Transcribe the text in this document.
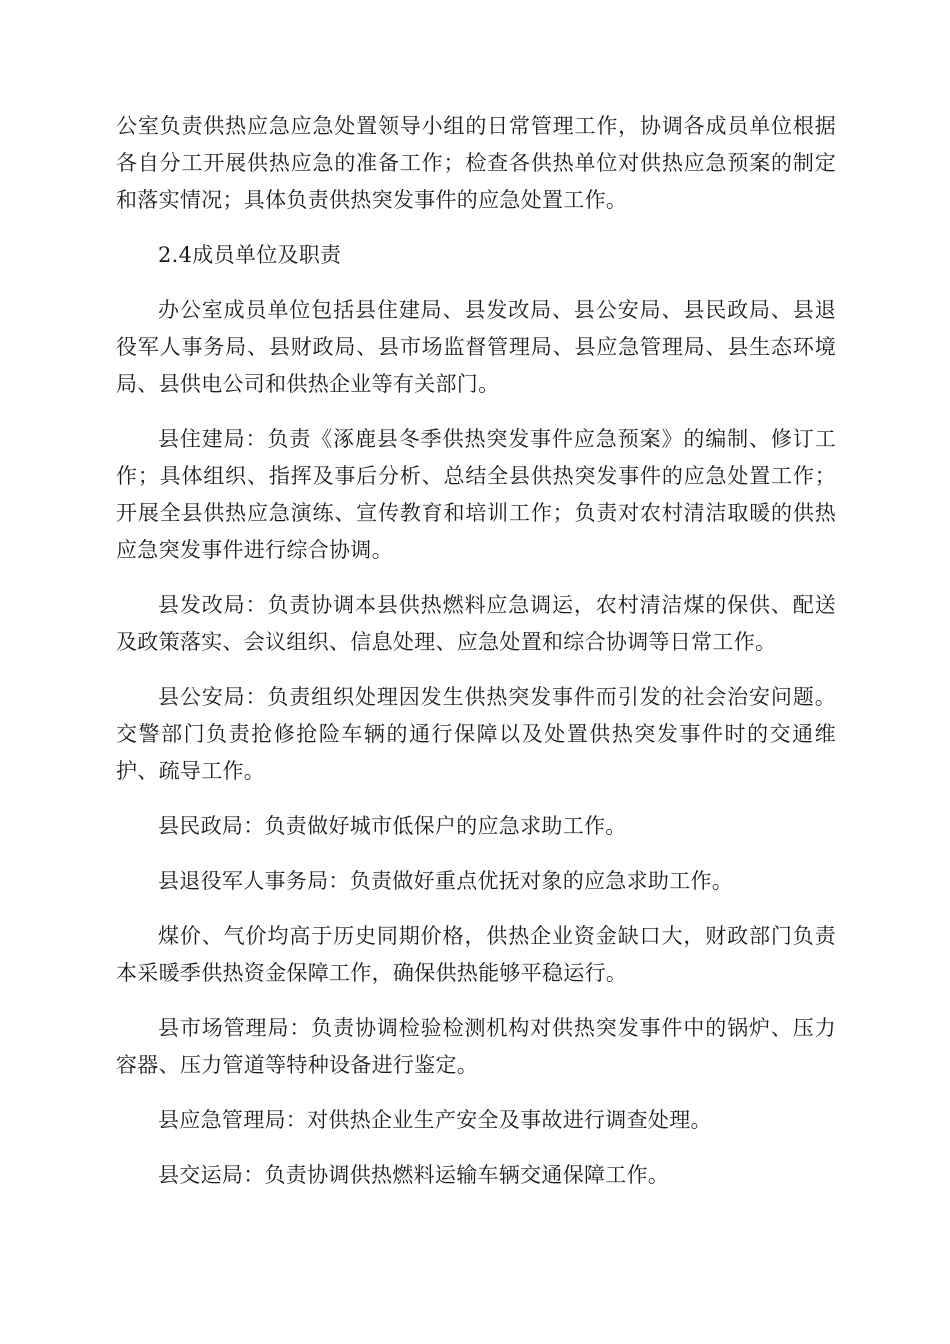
公室负责供热应急应急处置领导小组的日常管理工作，协调各成员单位根据各自分工开展供热应急的准备工作；检查各供热单位对供热应急预案的制定和落实情况；具体负责供热突发事件的应急处置工作。

2.4成员单位及职责

办公室成员单位包括县住建局、县发改局、县公安局、县民政局、县退役军人事务局、县财政局、县市场监督管理局、县应急管理局、县生态环境局、县供电公司和供热企业等有关部门。

县住建局：负责《涿鹿县冬季供热突发事件应急预案》的编制、修订工作；具体组织、指挥及事后分析、总结全县供热突发事件的应急处置工作；开展全县供热应急演练、宣传教育和培训工作；负责对农村清洁取暖的供热应急突发事件进行综合协调。

县发改局：负责协调本县供热燃料应急调运，农村清洁煤的保供、配送及政策落实、会议组织、信息处理、应急处置和综合协调等日常工作。

县公安局：负责组织处理因发生供热突发事件而引发的社会治安问题。交警部门负责抢修抢险车辆的通行保障以及处置供热突发事件时的交通维护、疏导工作。

县民政局：负责做好城市低保户的应急求助工作。

县退役军人事务局：负责做好重点优抚对象的应急求助工作。

煤价、气价均高于历史同期价格，供热企业资金缺口大，财政部门负责本采暖季供热资金保障工作，确保供热能够平稳运行。

县市场管理局：负责协调检验检测机构对供热突发事件中的锅炉、压力容器、压力管道等特种设备进行鉴定。

县应急管理局：对供热企业生产安全及事故进行调查处理。

县交运局：负责协调供热燃料运输车辆交通保障工作。
